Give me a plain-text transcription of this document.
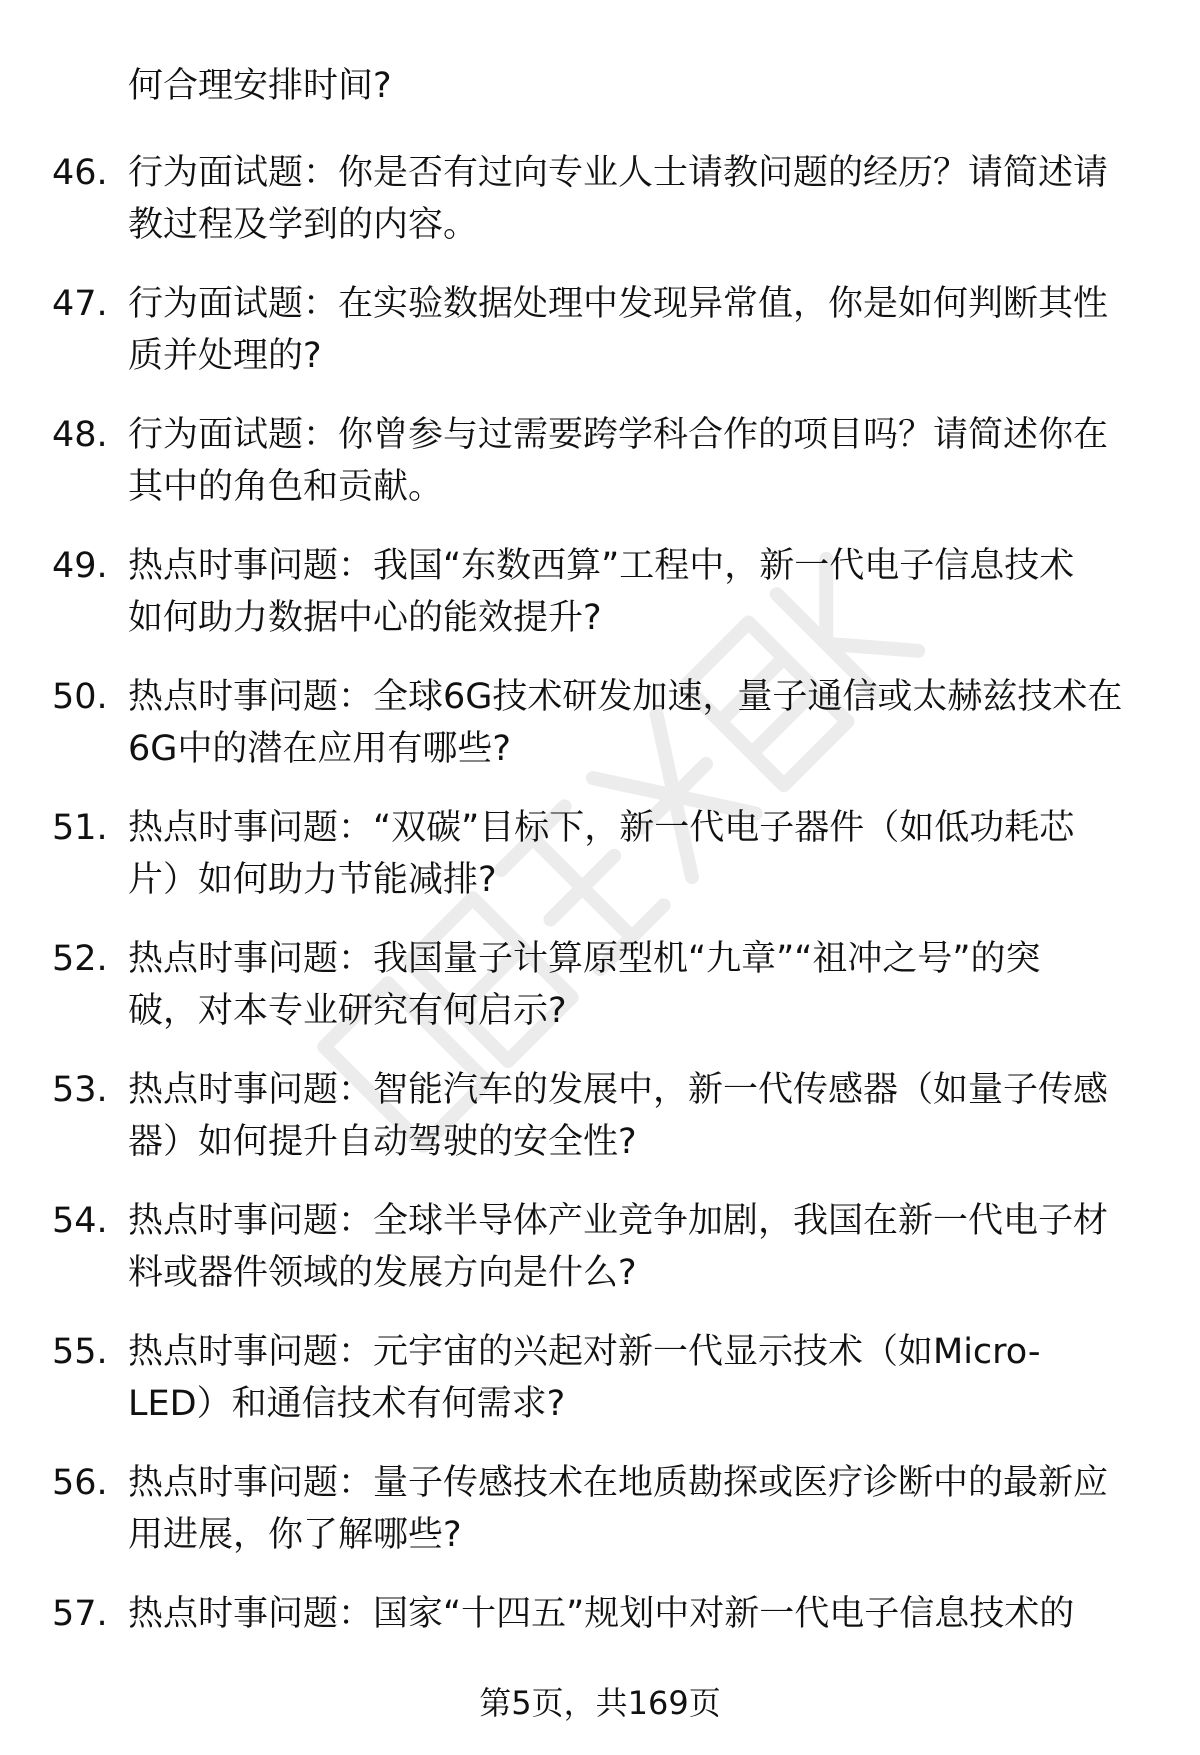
何合理安排时间?
46. 行为面试题：你是否有过向专业人士请教问题的经历？请简述请
教过程及学到的内容。
47. 行为面试题：在实验数据处理中发现异常值，你是如何判断其性
质并处理的?
48. 行为面试题：你曾参与过需要跨学科合作的项目吗？请简述你在
其中的角色和贡献。
49. 热点时事问题：我国“东数西算”工程中，新一代电子信息技术
如何助力数据中心的能效提升?
50. 热点时事问题：全球6G技术研发加速，量子通信或太赫兹技术在
6G中的潜在应用有哪些?
51. 热点时事问题：“双碳”目标下，新一代电子器件（如低功耗芯
片）如何助力节能减排?
52. 热点时事问题：我国量子计算原型机“九章”“祖冲之号”的突
破，对本专业研究有何启示?
53. 热点时事问题：智能汽车的发展中，新一代传感器（如量子传感
器）如何提升自动驾驶的安全性?
54. 热点时事问题：全球半导体产业竞争加剧，我国在新一代电子材
料或器件领域的发展方向是什么?
55. 热点时事问题：元宇宙的兴起对新一代显示技术（如Micro-
LED）和通信技术有何需求?
56. 热点时事问题：量子传感技术在地质勘探或医疗诊断中的最新应
用进展，你了解哪些?
57. 热点时事问题：国家“十四五”规划中对新一代电子信息技术的
第5页，共169页
